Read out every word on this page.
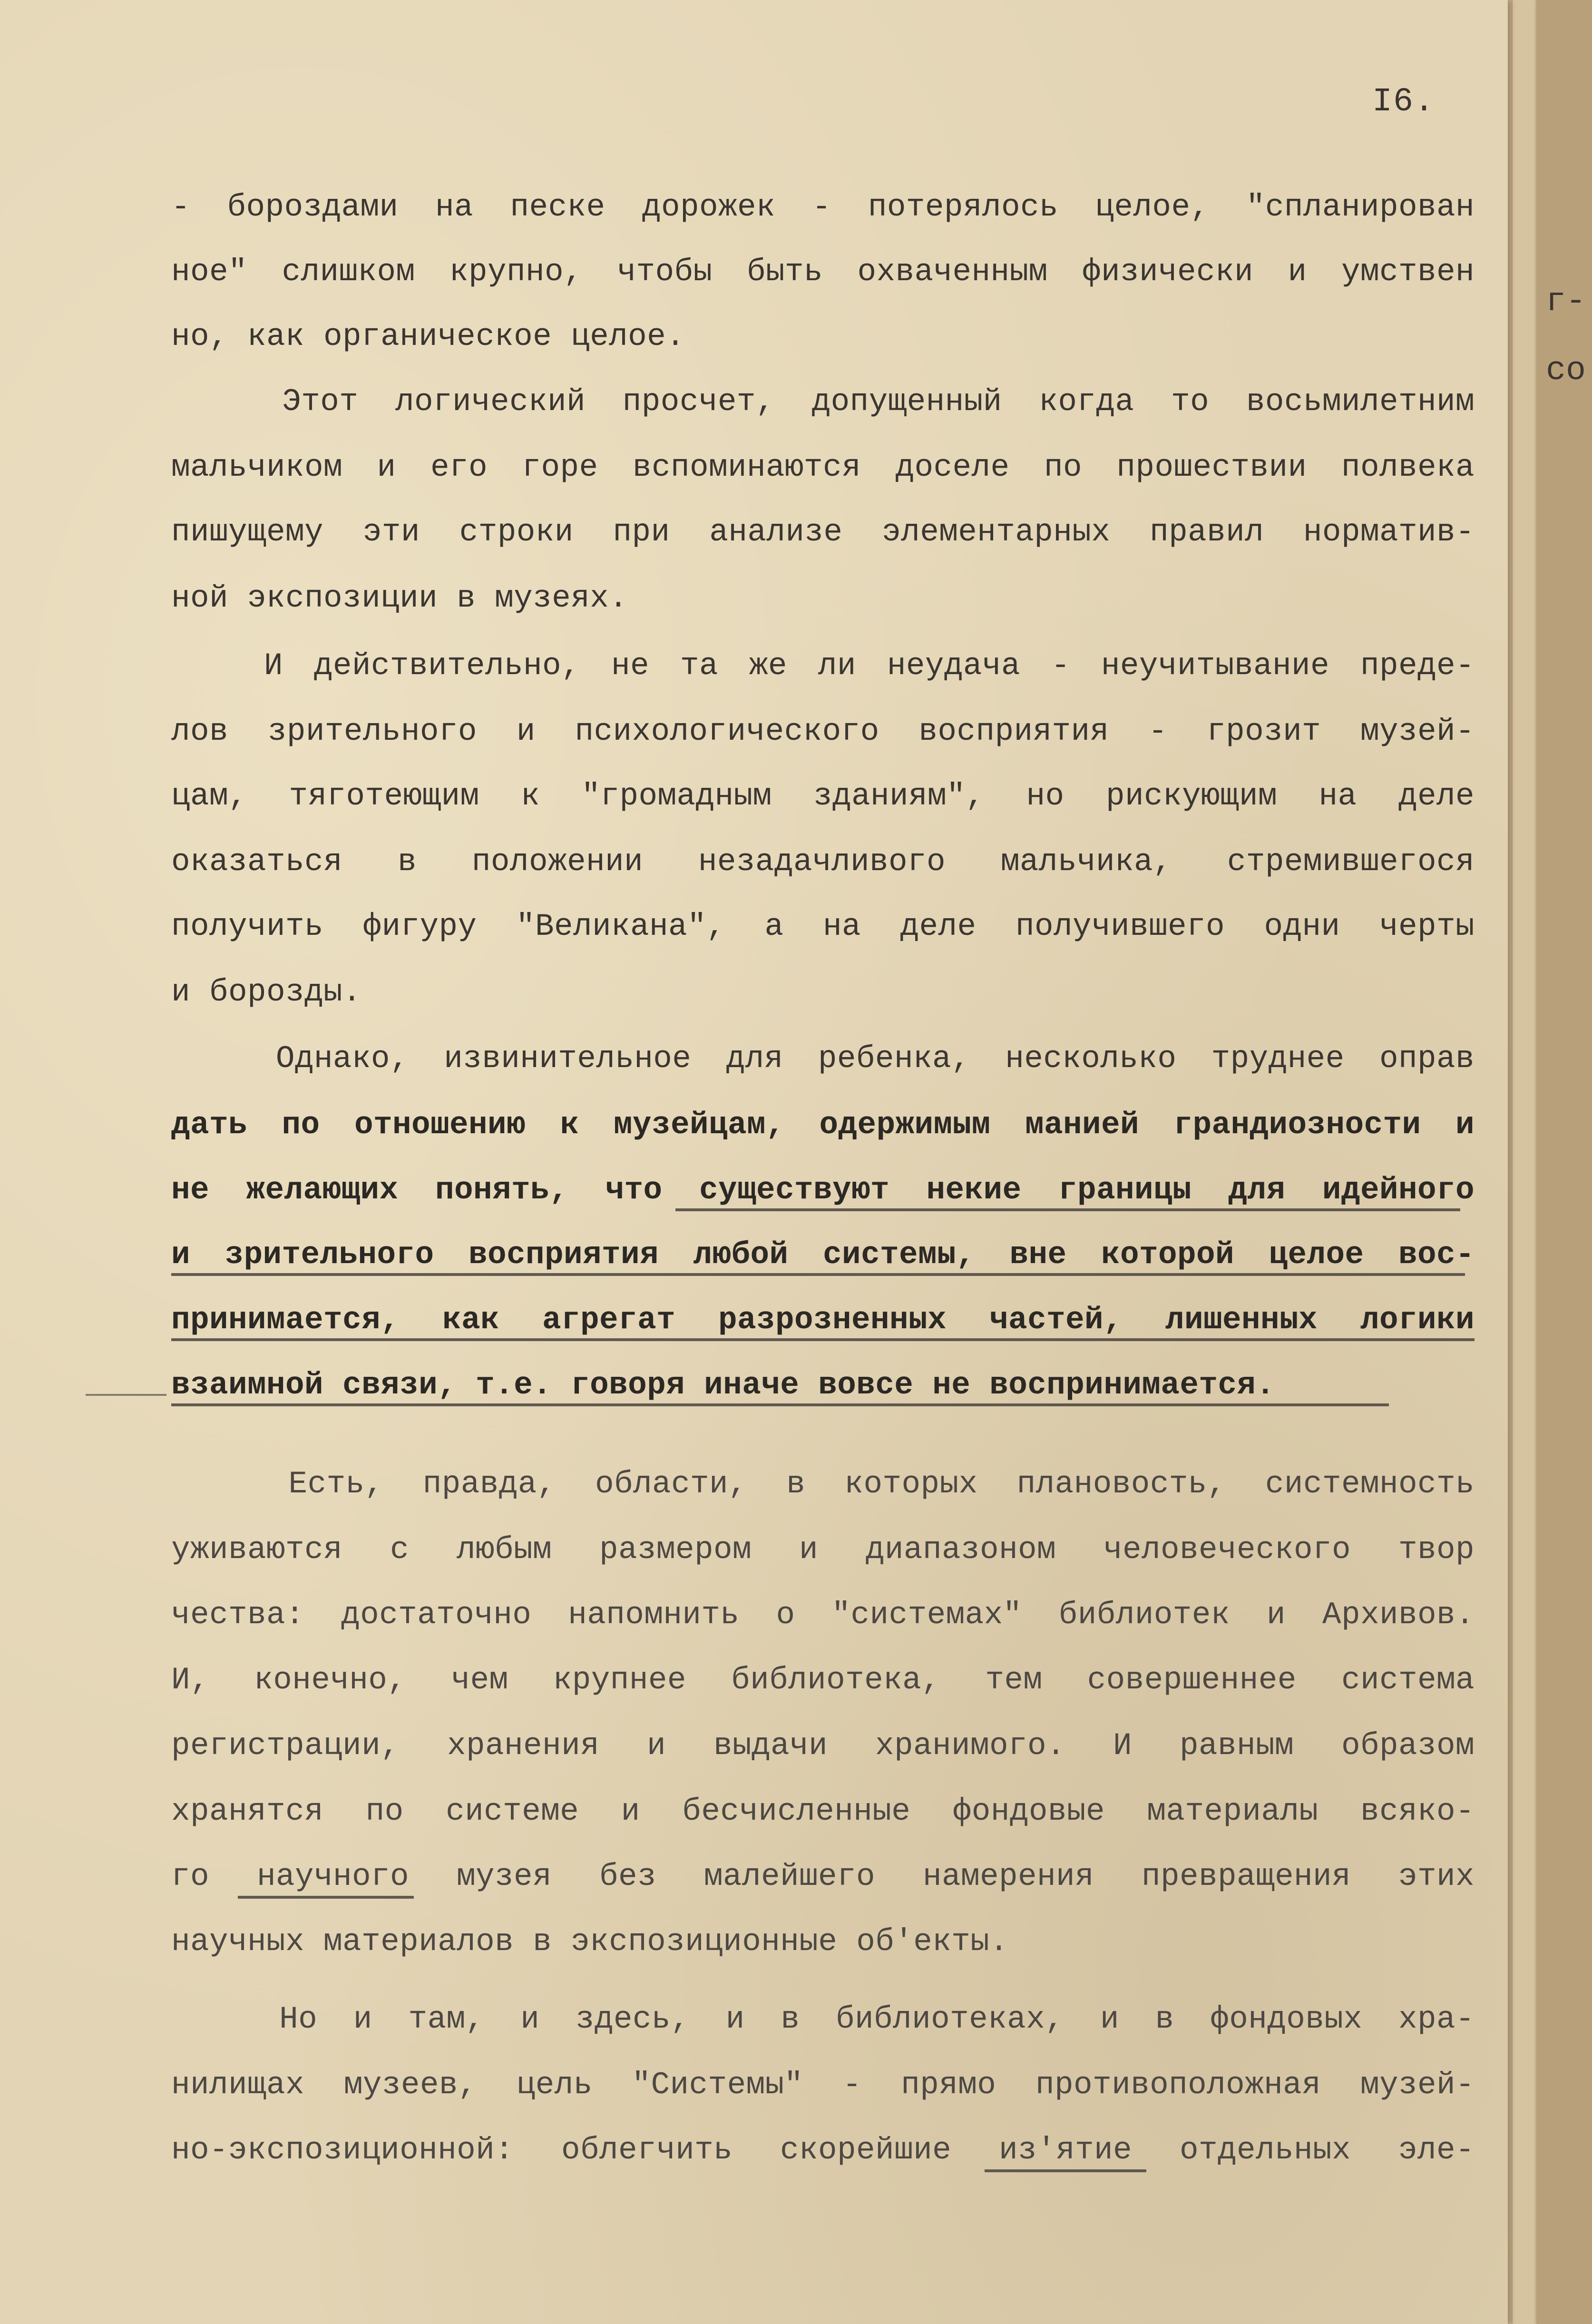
г-
со
I6.
- бороздами на песке дорожек - потерялось целое, "спланирован
ное" слишком крупно, чтобы быть охваченным физически и умствен
но, как органическое целое.
Этот логический просчет, допущенный когда то восьмилетним
мальчиком и его горе вспоминаются доселе по прошествии полвека
пишущему эти строки при анализе элементарных правил норматив-
ной экспозиции в музеях.
И действительно, не та же ли неудача - неучитывание преде-
лов зрительного и психологического восприятия - грозит музей-
цам, тяготеющим к "громадным зданиям", но рискующим на деле
оказаться в положении незадачливого мальчика, стремившегося
получить фигуру "Великана", а на деле получившего одни черты
и борозды.
Однако, извинительное для ребенка, несколько труднее оправ
дать по отношению к музейцам, одержимым манией грандиозности и
не желающих понять, что существуют некие границы для идейного
и зрительного восприятия любой системы, вне которой целое вос-
принимается, как агрегат разрозненных частей, лишенных логики
взаимной связи, т.е. говоря иначе вовсе не воспринимается.
Есть, правда, области, в которых плановость, системность
уживаются с любым размером и диапазоном человеческого твор
чества: достаточно напомнить о "системах" библиотек и Архивов.
И, конечно, чем крупнее библиотека, тем совершеннее система
регистрации, хранения и выдачи хранимого. И равным образом
хранятся по системе и бесчисленные фондовые материалы всяко-
го научного музея без малейшего намерения превращения этих
научных материалов в экспозиционные об'екты.
Но и там, и здесь, и в библиотеках, и в фондовых хра-
нилищах музеев, цель "Системы" - прямо противоположная музей-
но-экспозиционной: облегчить скорейшие из'ятие отдельных эле-
